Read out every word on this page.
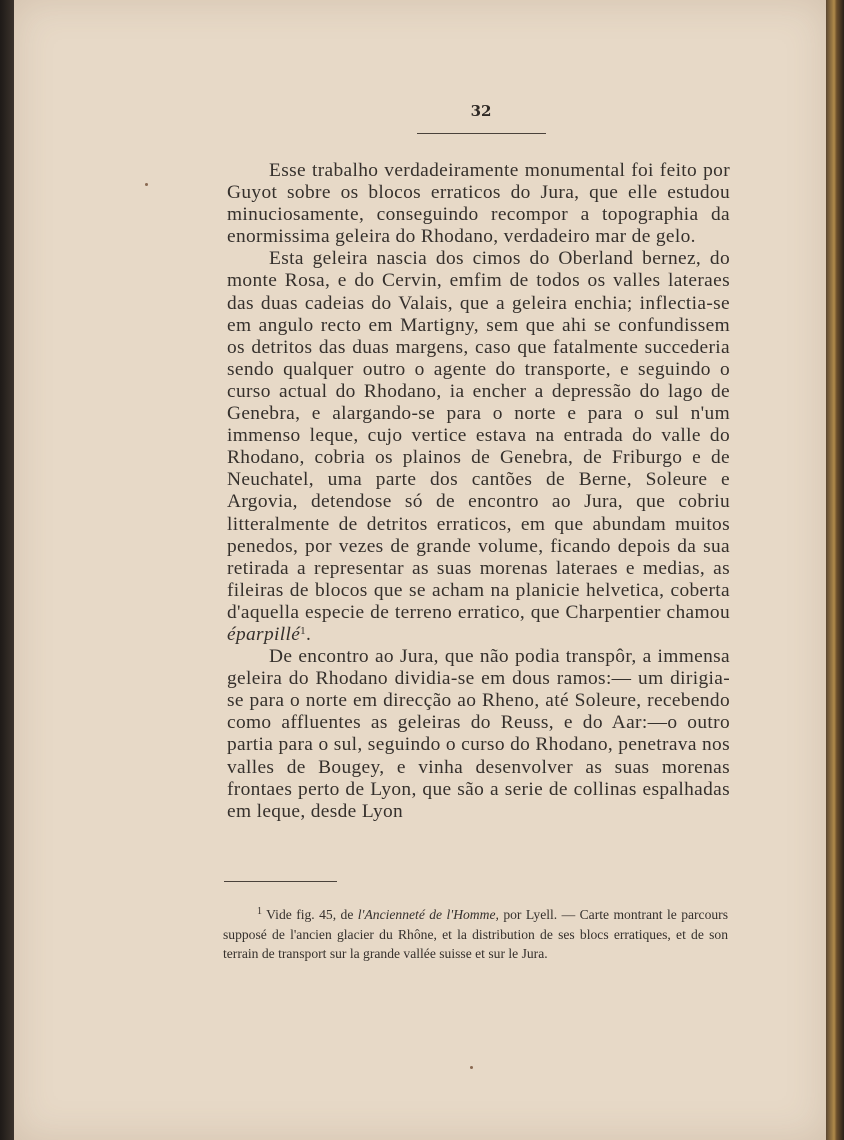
32

Esse trabalho verdadeiramente monumental foi feito por Guyot sobre os blocos erraticos do Jura, que elle estudou minuciosamente, conseguindo recompor a topographia da enormissima geleira do Rhodano, verdadeiro mar de gelo.

Esta geleira nascia dos cimos do Oberland bernez, do monte Rosa, e do Cervin, emfim de todos os valles lateraes das duas cadeias do Valais, que a geleira enchia; inflectia-se em angulo recto em Martigny, sem que ahi se confundissem os detritos das duas margens, caso que fatalmente succederia sendo qualquer outro o agente do transporte, e seguindo o curso actual do Rhodano, ia encher a depressão do lago de Genebra, e alargando-se para o norte e para o sul n'um immenso leque, cujo vertice estava na entrada do valle do Rhodano, cobria os plainos de Genebra, de Friburgo e de Neuchatel, uma parte dos cantões de Berne, Soleure e Argovia, detendose só de encontro ao Jura, que cobriu litteralmente de detritos erraticos, em que abundam muitos penedos, por vezes de grande volume, ficando depois da sua retirada a representar as suas morenas lateraes e medias, as fileiras de blocos que se acham na planicie helvetica, coberta d'aquella especie de terreno erratico, que Charpentier chamou éparpillé$^1$.

De encontro ao Jura, que não podia transpôr, a immensa geleira do Rhodano dividia-se em dous ramos:— um dirigia-se para o norte em direcção ao Rheno, até Soleure, recebendo como affluentes as geleiras do Reuss, e do Aar:—o outro partia para o sul, seguindo o curso do Rhodano, penetrava nos valles de Bougey, e vinha desenvolver as suas morenas frontaes perto de Lyon, que são a serie de collinas espalhadas em leque, desde Lyon

$^1$ Vide fig. 45, de l'Ancienneté de l'Homme, por Lyell. — Carte montrant le parcours supposé de l'ancien glacier du Rhône, et la distribution de ses blocs erratiques, et de son terrain de transport sur la grande vallée suisse et sur le Jura.
